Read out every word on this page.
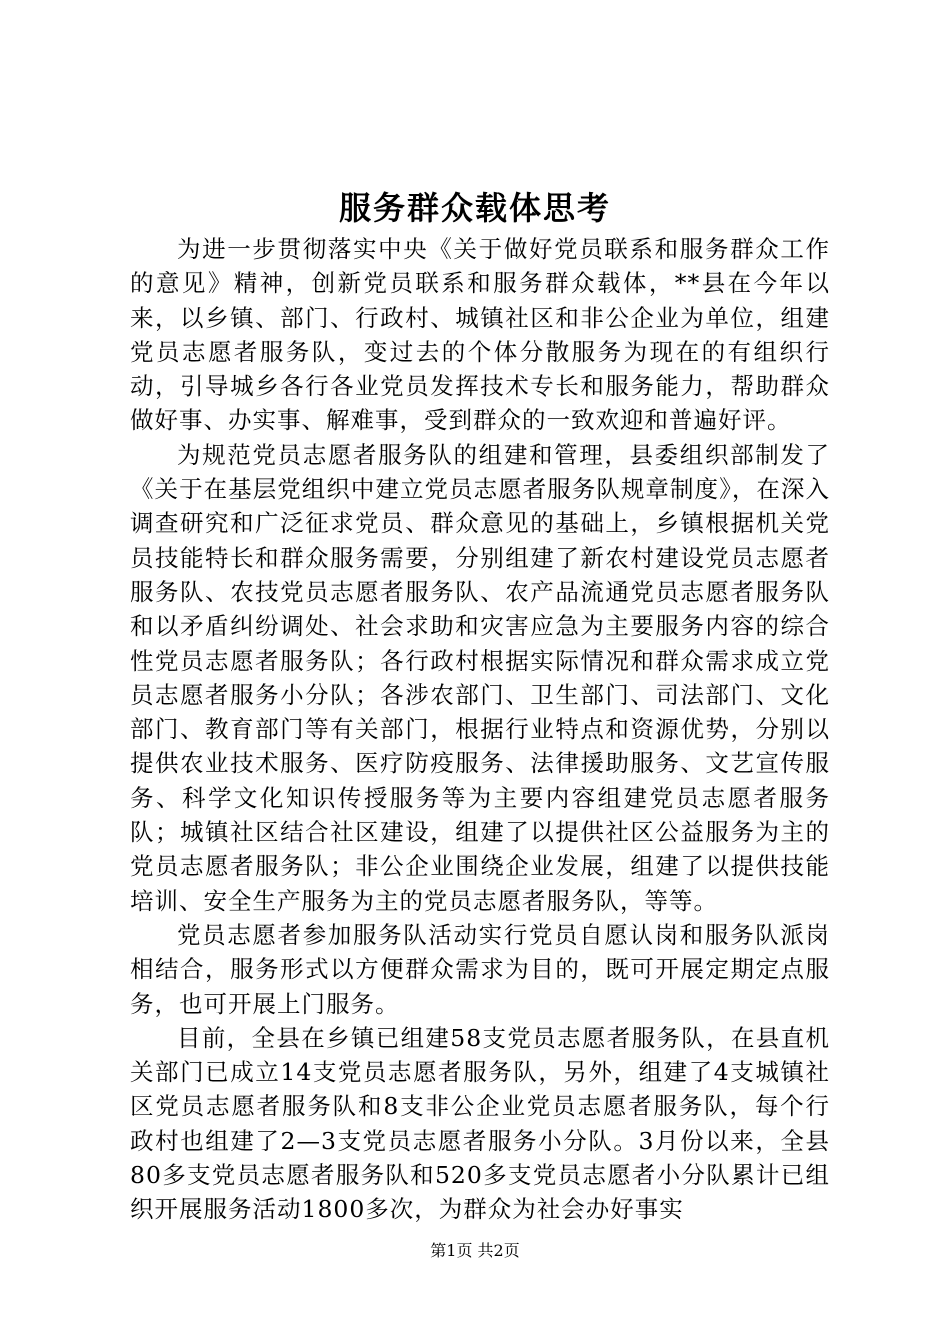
服务群众载体思考

为进一步贯彻落实中央《关于做好党员联系和服务群众工作的意见》精神，创新党员联系和服务群众载体，**县在今年以来，以乡镇、部门、行政村、城镇社区和非公企业为单位，组建党员志愿者服务队，变过去的个体分散服务为现在的有组织行动，引导城乡各行各业党员发挥技术专长和服务能力，帮助群众做好事、办实事、解难事，受到群众的一致欢迎和普遍好评。

为规范党员志愿者服务队的组建和管理，县委组织部制发了《关于在基层党组织中建立党员志愿者服务队规章制度》，在深入调查研究和广泛征求党员、群众意见的基础上，乡镇根据机关党员技能特长和群众服务需要，分别组建了新农村建设党员志愿者服务队、农技党员志愿者服务队、农产品流通党员志愿者服务队和以矛盾纠纷调处、社会求助和灾害应急为主要服务内容的综合性党员志愿者服务队；各行政村根据实际情况和群众需求成立党员志愿者服务小分队；各涉农部门、卫生部门、司法部门、文化部门、教育部门等有关部门，根据行业特点和资源优势，分别以提供农业技术服务、医疗防疫服务、法律援助服务、文艺宣传服务、科学文化知识传授服务等为主要内容组建党员志愿者服务队；城镇社区结合社区建设，组建了以提供社区公益服务为主的党员志愿者服务队；非公企业围绕企业发展，组建了以提供技能培训、安全生产服务为主的党员志愿者服务队，等等。

党员志愿者参加服务队活动实行党员自愿认岗和服务队派岗相结合，服务形式以方便群众需求为目的，既可开展定期定点服务，也可开展上门服务。

目前，全县在乡镇已组建58支党员志愿者服务队，在县直机关部门已成立14支党员志愿者服务队，另外，组建了4支城镇社区党员志愿者服务队和8支非公企业党员志愿者服务队，每个行政村也组建了2—3支党员志愿者服务小分队。3月份以来，全县80多支党员志愿者服务队和520多支党员志愿者小分队累计已组织开展服务活动1800多次，为群众为社会办好事实

第1页 共2页
